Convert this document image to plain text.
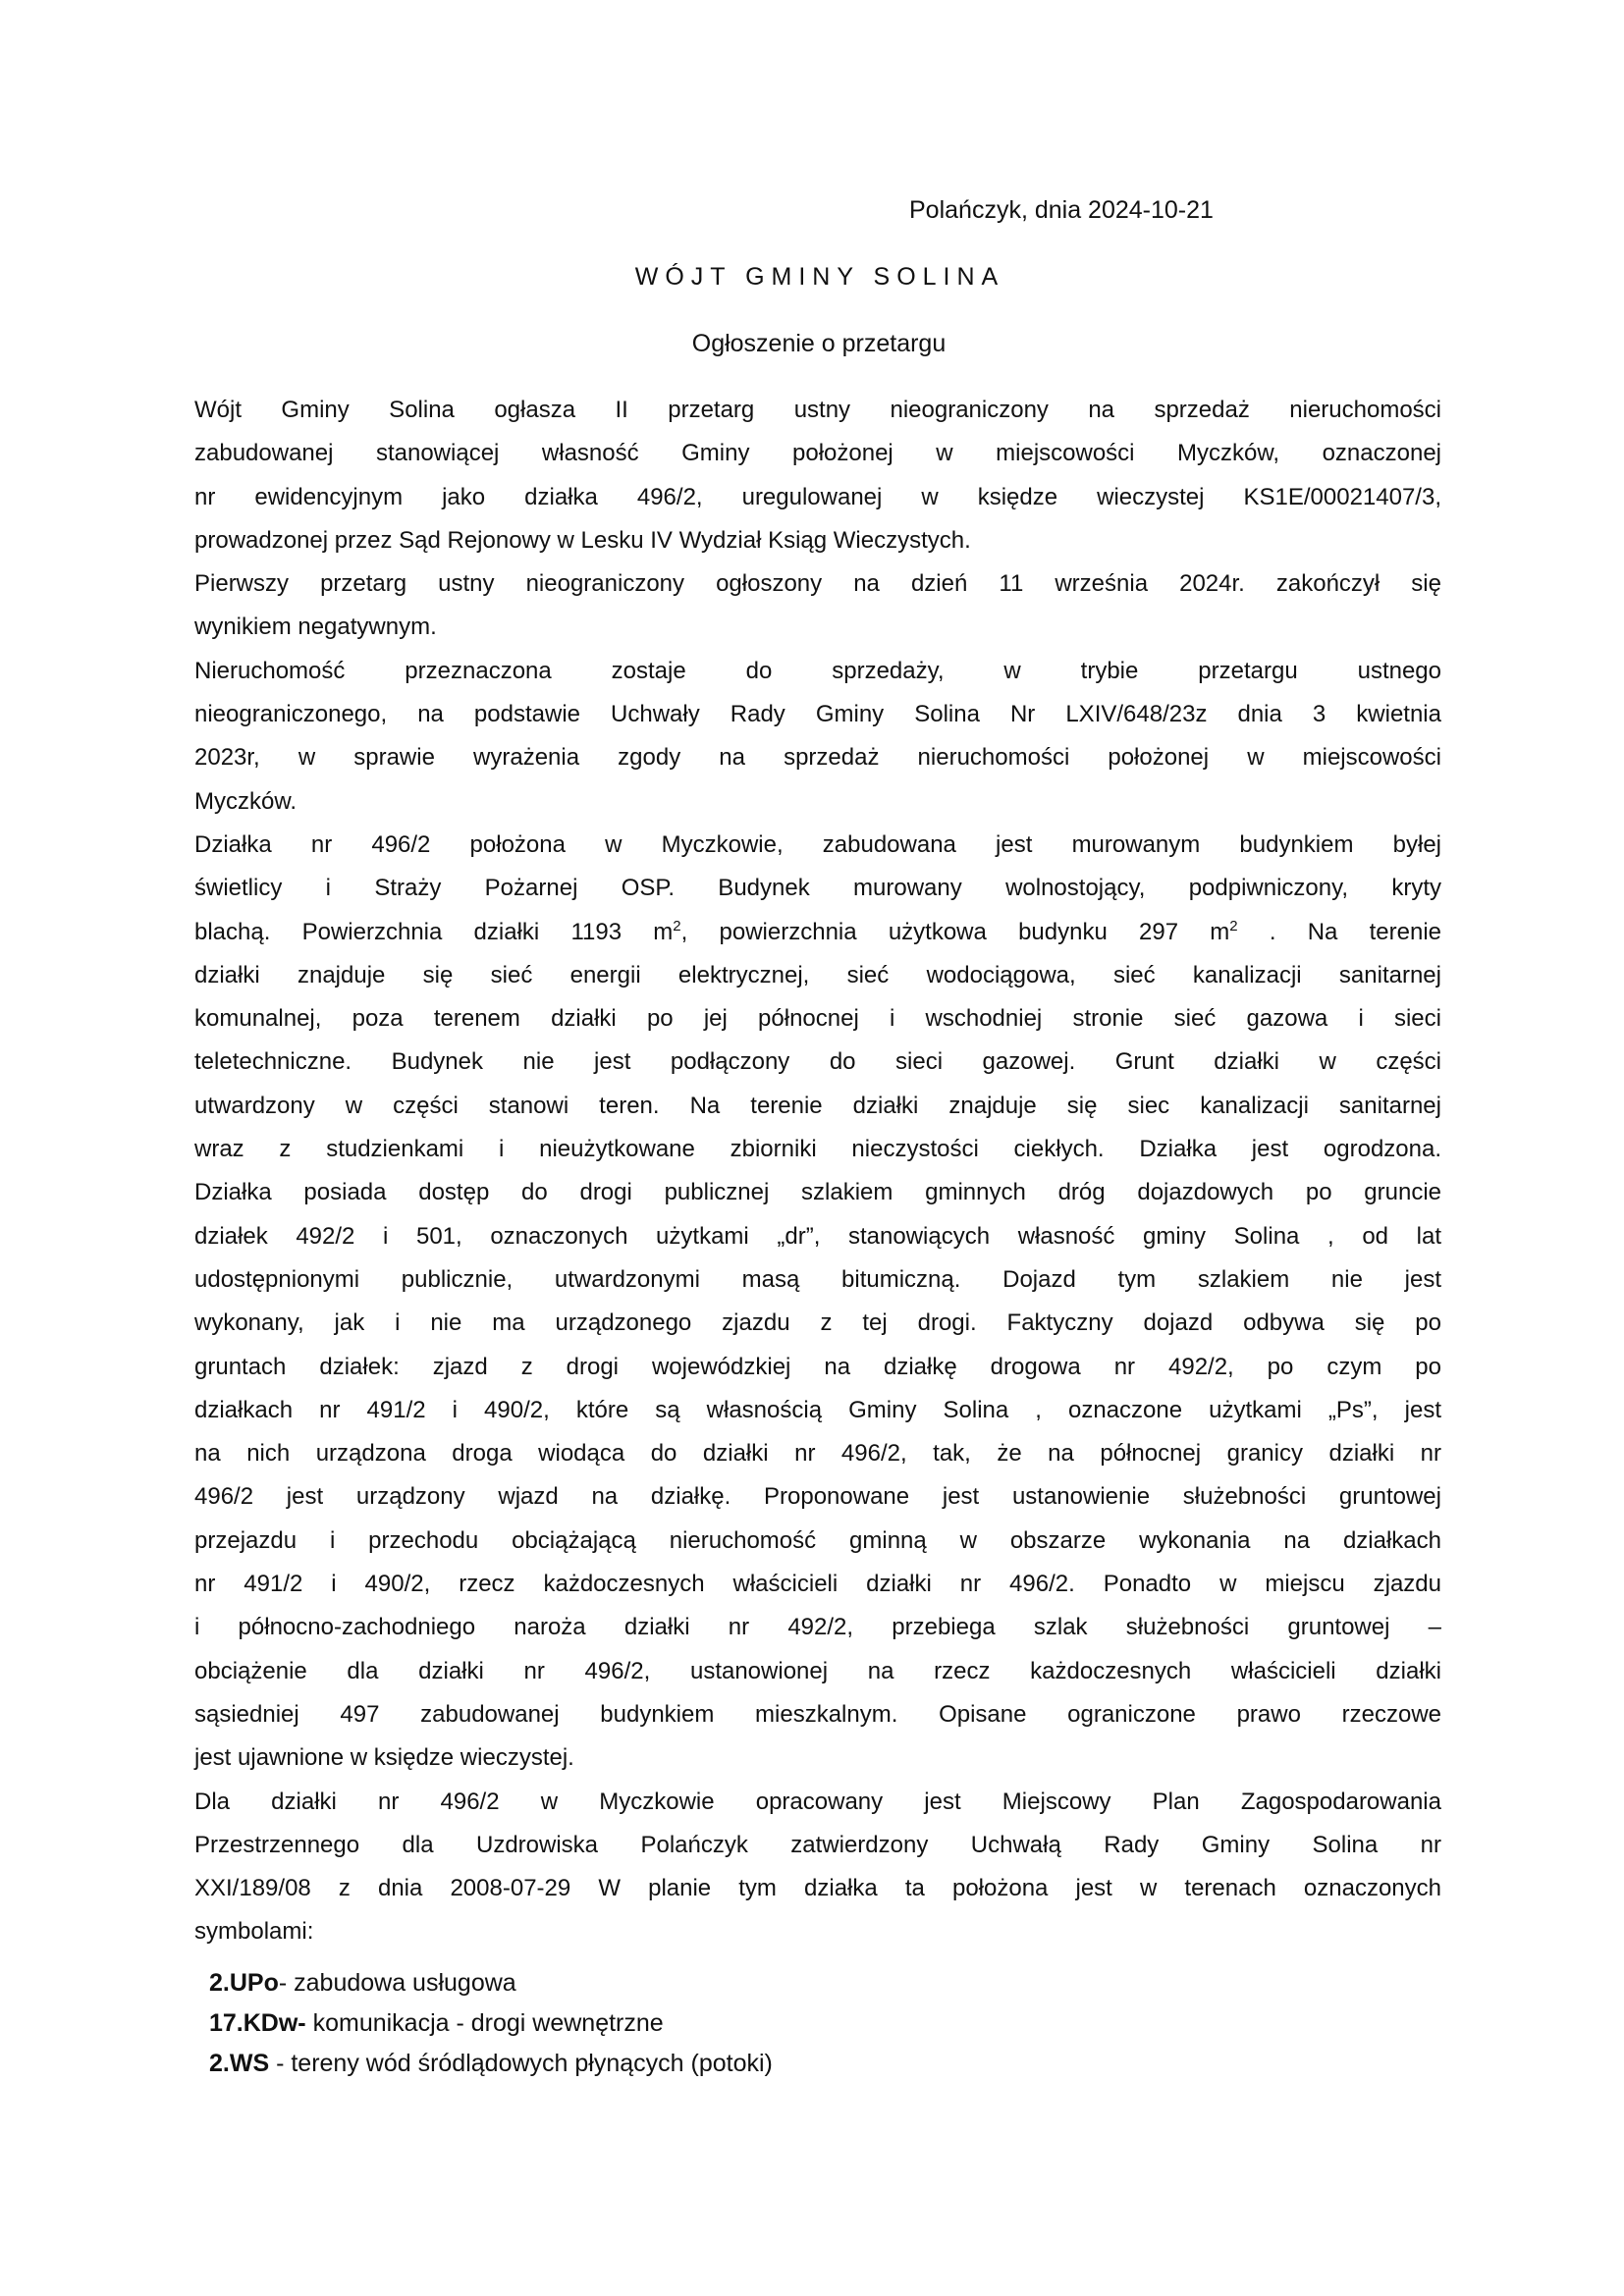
Polańczyk, dnia 2024-10-21
WÓJT GMINY SOLINA
Ogłoszenie o przetargu
Wójt Gminy Solina ogłasza II przetarg ustny nieograniczony na sprzedaż nieruchomości
zabudowanej stanowiącej własność Gminy położonej w miejscowości Myczków, oznaczonej
nr ewidencyjnym jako działka 496/2, uregulowanej w księdze wieczystej KS1E/00021407/3,
prowadzonej przez Sąd Rejonowy w Lesku IV Wydział Ksiąg Wieczystych.
Pierwszy przetarg ustny nieograniczony ogłoszony na dzień 11 września 2024r. zakończył się
wynikiem negatywnym.
Nieruchomość przeznaczona zostaje do sprzedaży, w trybie przetargu ustnego
nieograniczonego, na podstawie Uchwały Rady Gminy Solina Nr LXIV/648/23z dnia 3 kwietnia
2023r, w sprawie wyrażenia zgody na sprzedaż nieruchomości położonej w miejscowości
Myczków.
Działka nr 496/2 położona w Myczkowie, zabudowana jest murowanym budynkiem byłej
świetlicy i Straży Pożarnej OSP. Budynek murowany wolnostojący, podpiwniczony, kryty
blachą. Powierzchnia działki 1193 $m^2$, powierzchnia użytkowa budynku 297 $m^2$ . Na terenie
działki znajduje się sieć energii elektrycznej, sieć wodociągowa, sieć kanalizacji sanitarnej
komunalnej, poza terenem działki po jej północnej i wschodniej stronie sieć gazowa i sieci
teletechniczne. Budynek nie jest podłączony do sieci gazowej. Grunt działki w części
utwardzony w części stanowi teren. Na terenie działki znajduje się siec kanalizacji sanitarnej
wraz z studzienkami i nieużytkowane zbiorniki nieczystości ciekłych. Działka jest ogrodzona.
Działka posiada dostęp do drogi publicznej szlakiem gminnych dróg dojazdowych po gruncie
działek 492/2 i 501, oznaczonych użytkami „dr”, stanowiących własność gminy Solina , od lat
udostępnionymi publicznie, utwardzonymi masą bitumiczną. Dojazd tym szlakiem nie jest
wykonany, jak i nie ma urządzonego zjazdu z tej drogi. Faktyczny dojazd odbywa się po
gruntach działek: zjazd z drogi wojewódzkiej na działkę drogowa nr 492/2, po czym po
działkach nr 491/2 i 490/2, które są własnością Gminy Solina , oznaczone użytkami „Ps”, jest
na nich urządzona droga wiodąca do działki nr 496/2, tak, że na północnej granicy działki nr
496/2 jest urządzony wjazd na działkę. Proponowane jest ustanowienie służebności gruntowej
przejazdu i przechodu obciążającą nieruchomość gminną w obszarze wykonania na działkach
nr 491/2 i 490/2, rzecz każdoczesnych właścicieli działki nr 496/2. Ponadto w miejscu zjazdu
i północno-zachodniego naroża działki nr 492/2, przebiega szlak służebności gruntowej –
obciążenie dla działki nr 496/2, ustanowionej na rzecz każdoczesnych właścicieli działki
sąsiedniej 497 zabudowanej budynkiem mieszkalnym. Opisane ograniczone prawo rzeczowe
jest ujawnione w księdze wieczystej.
Dla działki nr 496/2 w Myczkowie opracowany jest Miejscowy Plan Zagospodarowania
Przestrzennego dla Uzdrowiska Polańczyk zatwierdzony Uchwałą Rady Gminy Solina nr
XXI/189/08 z dnia 2008-07-29 W planie tym działka ta położona jest w terenach oznaczonych
symbolami:
2.UPo- zabudowa usługowa
17.KDw- komunikacja - drogi wewnętrzne
2.WS - tereny wód śródlądowych płynących (potoki)
